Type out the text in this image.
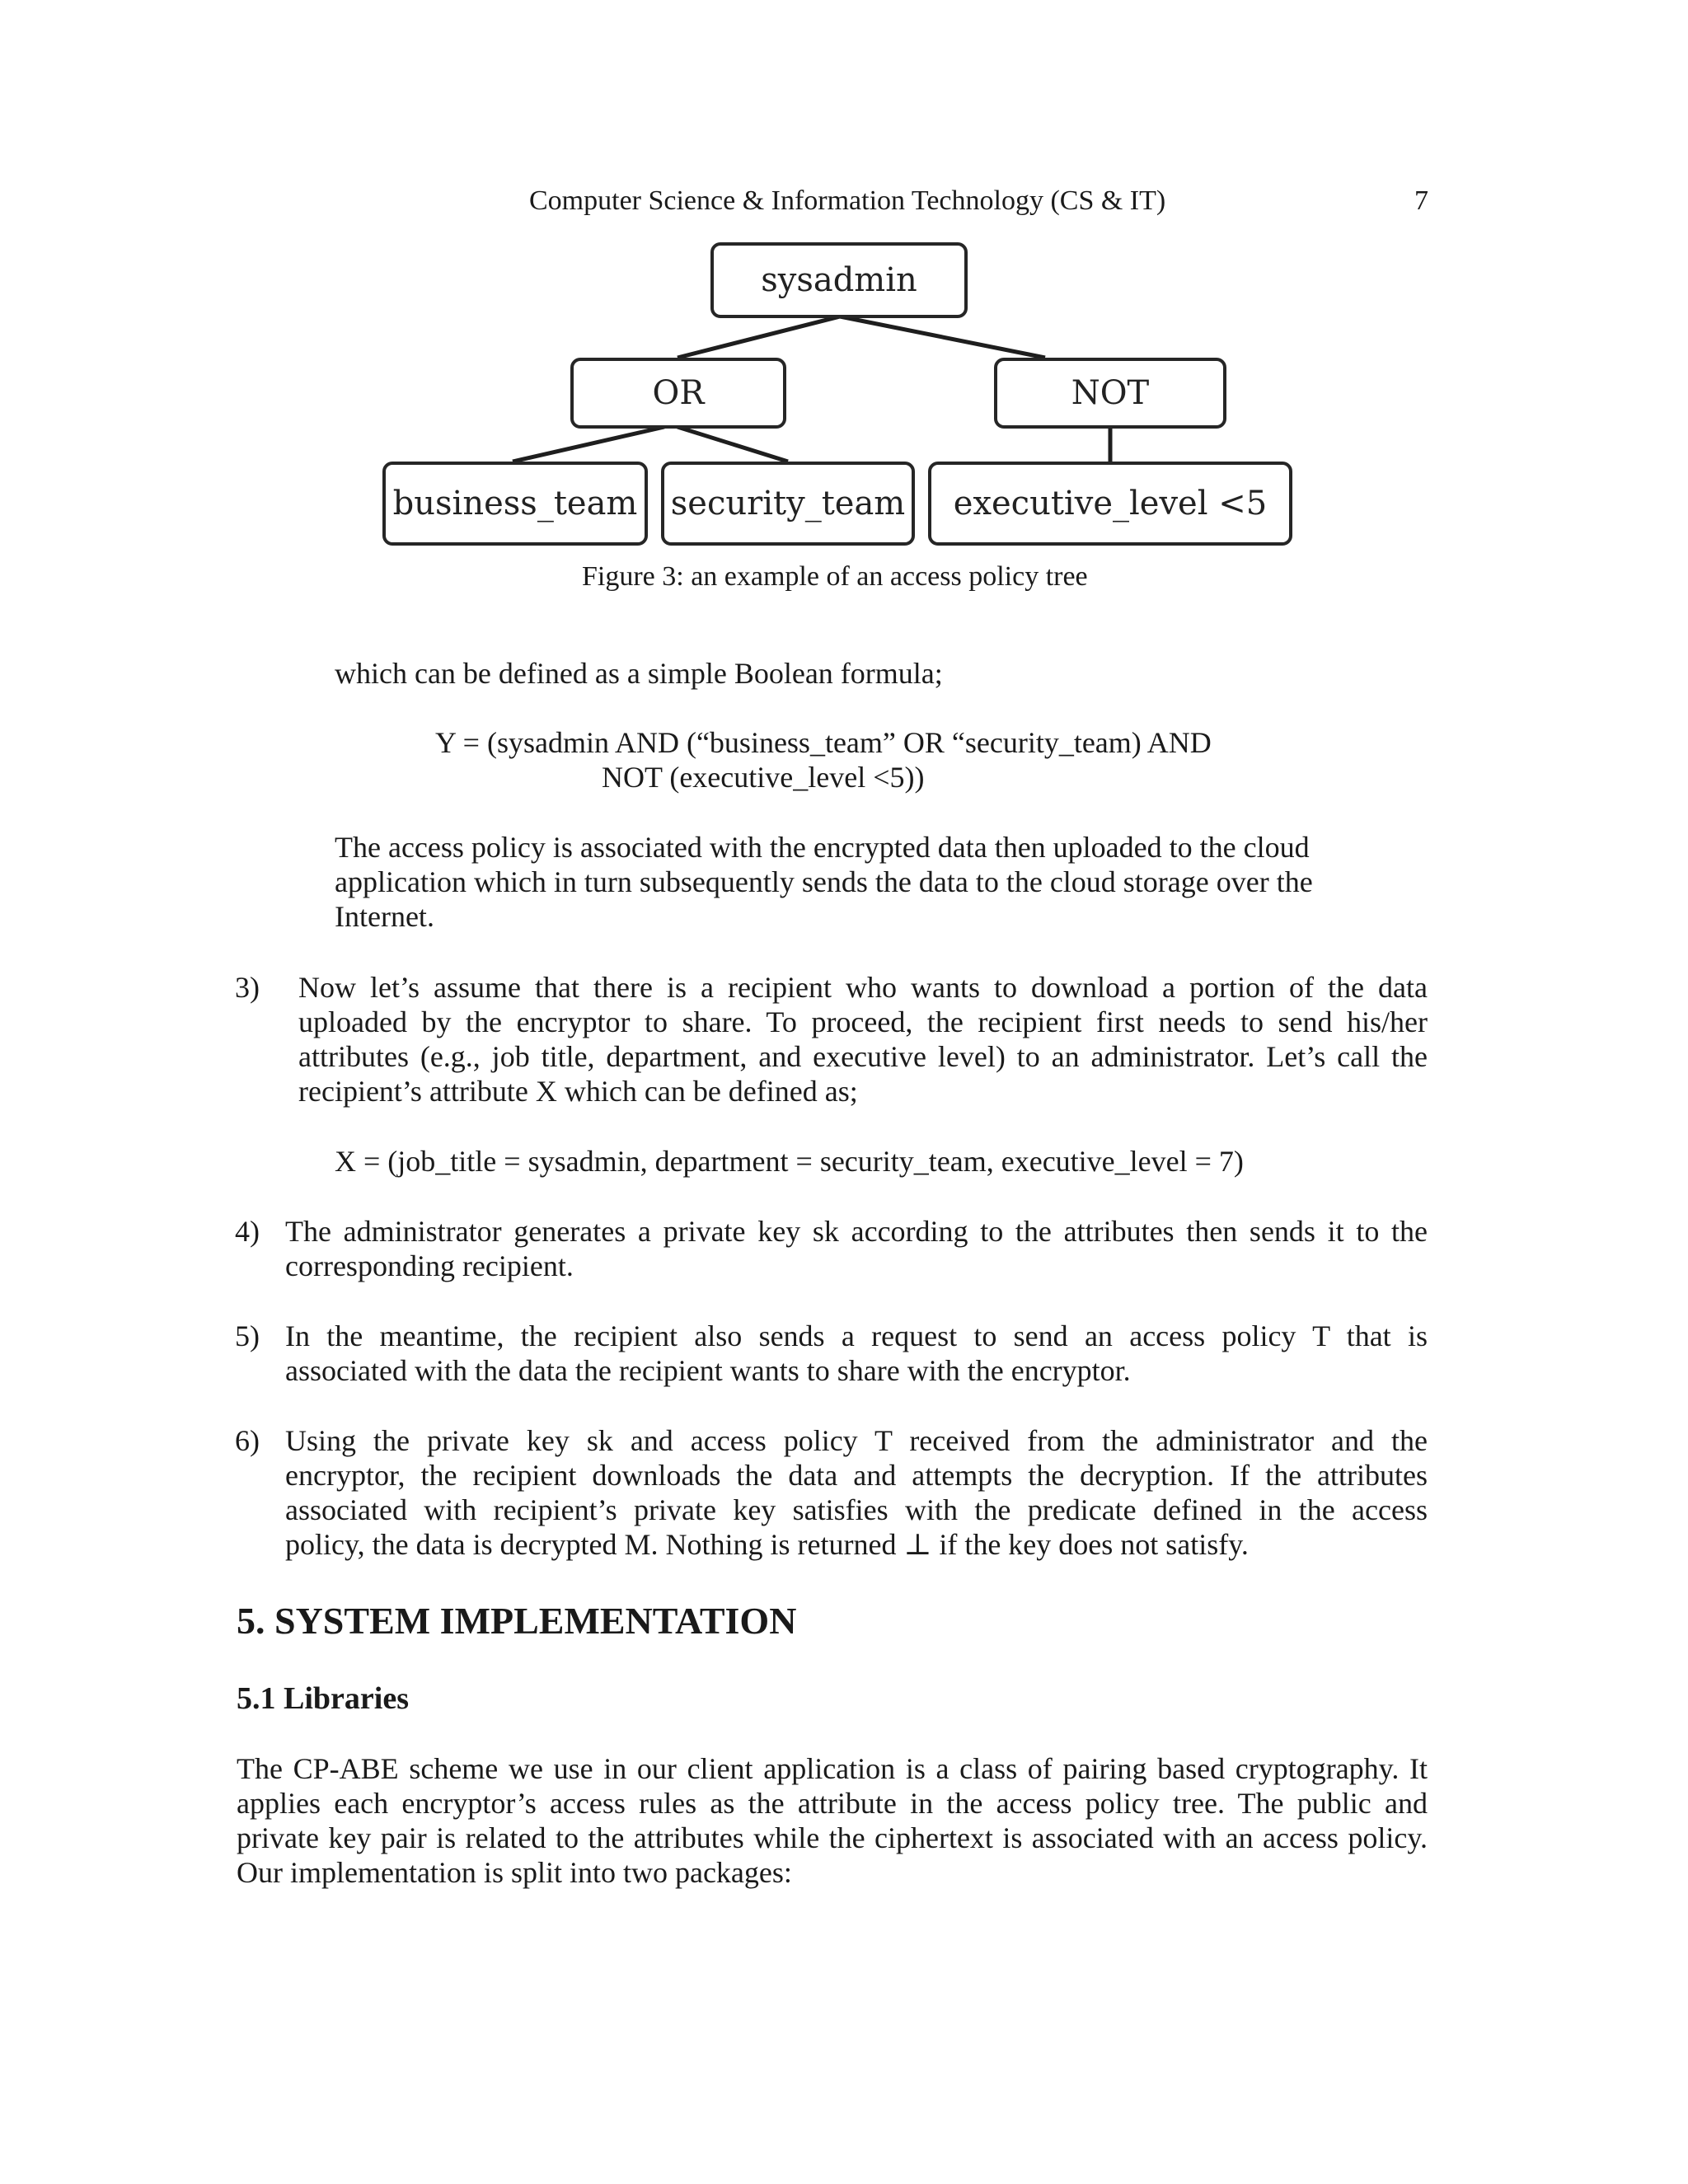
Computer Science & Information Technology (CS & IT)	7
sysadmin
OR	NOT
business_team	security_team	executive_level <5
Figure 3: an example of an access policy tree
which can be defined as a simple Boolean formula;
Y = (sysadmin AND (“business_team” OR “security_team) AND
NOT (executive_level <5))
The access policy is associated with the encrypted data then uploaded to the cloud
application which in turn subsequently sends the data to the cloud storage over the
Internet.
3) Now let’s assume that there is a recipient who wants to download a portion of the data
uploaded by the encryptor to share. To proceed, the recipient first needs to send his/her
attributes (e.g., job title, department, and executive level) to an administrator. Let’s call the
recipient’s attribute X which can be defined as;
X = (job_title = sysadmin, department = security_team, executive_level = 7)
4) The administrator generates a private key sk according to the attributes then sends it to the
corresponding recipient.
5) In the meantime, the recipient also sends a request to send an access policy T that is
associated with the data the recipient wants to share with the encryptor.
6) Using the private key sk and access policy T received from the administrator and the
encryptor, the recipient downloads the data and attempts the decryption. If the attributes
associated with recipient’s private key satisfies with the predicate defined in the access
policy, the data is decrypted M. Nothing is returned ⊥ if the key does not satisfy.
5. SYSTEM IMPLEMENTATION
5.1 Libraries
The CP-ABE scheme we use in our client application is a class of pairing based cryptography. It
applies each encryptor’s access rules as the attribute in the access policy tree. The public and
private key pair is related to the attributes while the ciphertext is associated with an access policy.
Our implementation is split into two packages:
